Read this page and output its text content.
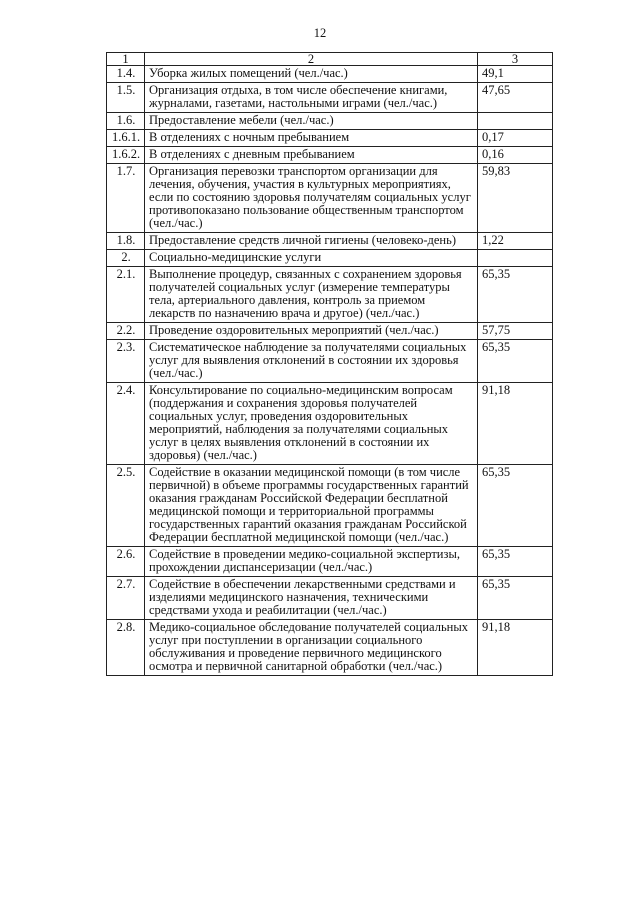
12
1	2	3
1.4.	Уборка жилых помещений (чел./час.)	49,1
1.5.	Организация отдыха, в том числе обеспечение книгами, журналами, газетами, настольными играми (чел./час.)	47,65
1.6.	Предоставление мебели (чел./час.)	
1.6.1.	В отделениях с ночным пребыванием	0,17
1.6.2.	В отделениях с дневным пребыванием	0,16
1.7.	Организация перевозки транспортом организации для лечения, обучения, участия в культурных мероприятиях, если по состоянию здоровья получателям социальных услуг противопоказано пользование общественным транспортом (чел./час.)	59,83
1.8.	Предоставление средств личной гигиены (человеко-день)	1,22
2.	Социально-медицинские услуги	
2.1.	Выполнение процедур, связанных с сохранением здоровья получателей социальных услуг (измерение температуры тела, артериального давления, контроль за приемом лекарств по назначению врача и другое) (чел./час.)	65,35
2.2.	Проведение оздоровительных мероприятий (чел./час.)	57,75
2.3.	Систематическое наблюдение за получателями социальных услуг для выявления отклонений в состоянии их здоровья (чел./час.)	65,35
2.4.	Консультирование по социально-медицинским вопросам (поддержания и сохранения здоровья получателей социальных услуг, проведения оздоровительных мероприятий, наблюдения за получателями социальных услуг в целях выявления отклонений в состоянии их здоровья) (чел./час.)	91,18
2.5.	Содействие в оказании медицинской помощи (в том числе первичной) в объеме программы государственных гарантий оказания гражданам Российской Федерации бесплатной медицинской помощи и территориальной программы государственных гарантий оказания гражданам Российской Федерации бесплатной медицинской помощи (чел./час.)	65,35
2.6.	Содействие в проведении медико-социальной экспертизы, прохождении диспансеризации (чел./час.)	65,35
2.7.	Содействие в обеспечении лекарственными средствами и изделиями медицинского назначения, техническими средствами ухода и реабилитации (чел./час.)	65,35
2.8.	Медико-социальное обследование получателей социальных услуг при поступлении в организации социального обслуживания и проведение первичного медицинского осмотра и первичной санитарной обработки (чел./час.)	91,18
